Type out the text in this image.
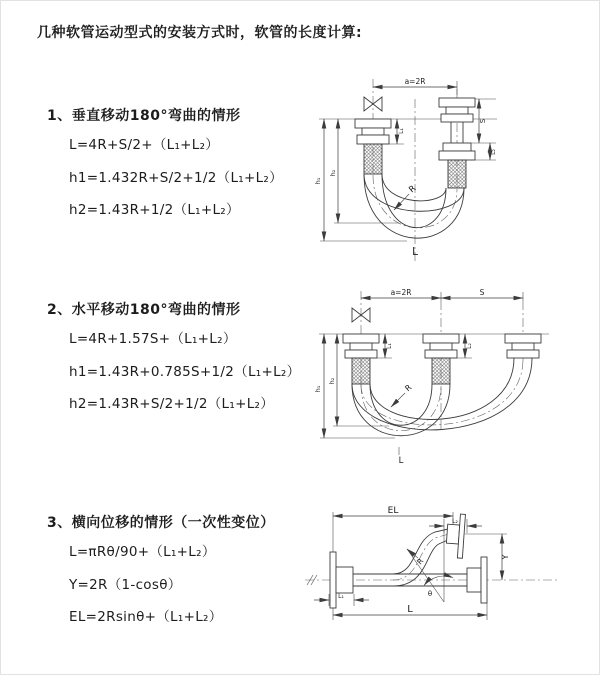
几种软管运动型式的安装方式时，软管的长度计算:
1、垂直移动180°弯曲的情形
L=4R+S/2+（L₁+L₂）
h1=1.432R+S/2+1/2（L₁+L₂）
h2=1.43R+1/2（L₁+L₂）
2、水平移动180°弯曲的情形
L=4R+1.57S+（L₁+L₂）
h1=1.43R+0.785S+1/2（L₁+L₂）
h2=1.43R+S/2+1/2（L₁+L₂）
3、横向位移的情形（一次性变位）
L=πRθ/90+（L₁+L₂）
Y=2R（1-cosθ）
EL=2Rsinθ+（L₁+L₂）
a=2R
h₁
h₂
L₁
S
L₂
R
L
a=2R	S
h₁
h₂
L₁	L₂
R
L
EL
L₂
Y
R
θ
L
L₁
